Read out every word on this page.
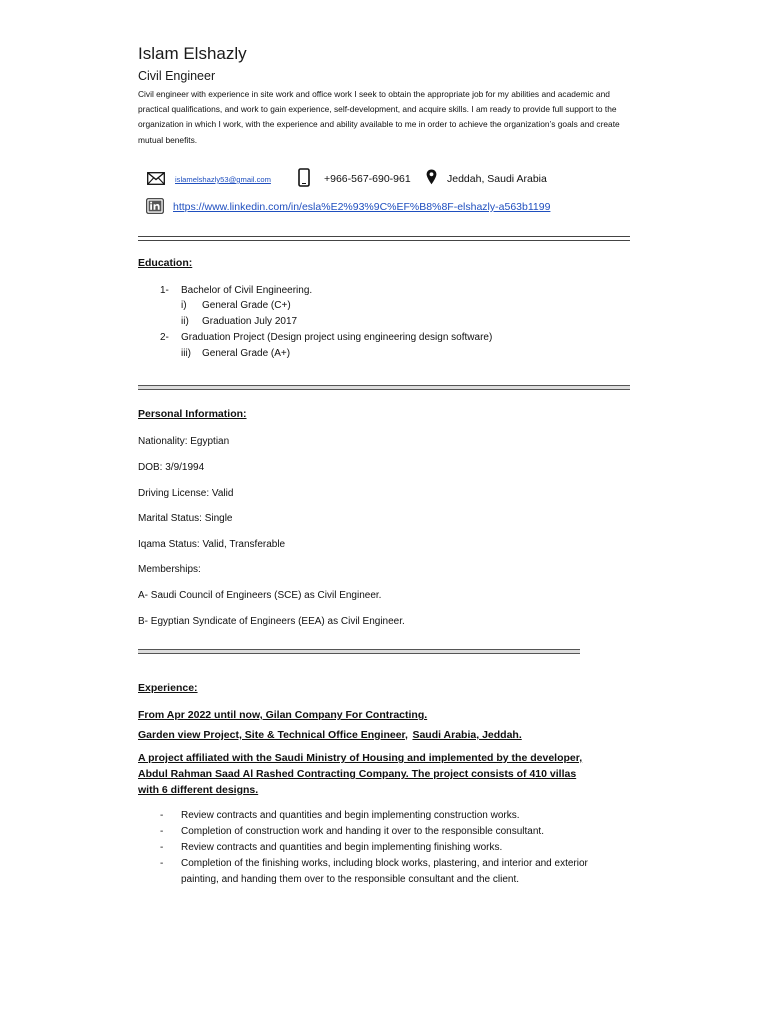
Islam Elshazly
Civil Engineer
Civil engineer with experience in site work and office work I seek to obtain the appropriate job for my abilities and academic and practical qualifications, and work to gain experience, self-development, and acquire skills. I am ready to provide full support to the organization in which I work, with the experience and ability available to me in order to achieve the organization’s goals and create mutual benefits.
islamelshazly53@gmail.com	+966-567-690-961	Jeddah, Saudi Arabia
https://www.linkedin.com/in/esla%E2%93%9C%EF%B8%8F-elshazly-a563b1199
Education:
1- Bachelor of Civil Engineering.
i) General Grade (C+)
ii) Graduation July 2017
2- Graduation Project (Design project using engineering design software)
iii) General Grade (A+)
Personal Information:
Nationality: Egyptian
DOB: 3/9/1994
Driving License: Valid
Marital Status: Single
Iqama Status: Valid, Transferable
Memberships:
A- Saudi Council of Engineers (SCE) as Civil Engineer.
B- Egyptian Syndicate of Engineers (EEA) as Civil Engineer.
Experience:
From Apr 2022 until now, Gilan Company For Contracting.
Garden view Project, Site & Technical Office Engineer, Saudi Arabia, Jeddah.
A project affiliated with the Saudi Ministry of Housing and implemented by the developer,
Abdul Rahman Saad Al Rashed Contracting Company. The project consists of 410 villas
with 6 different designs.
- Review contracts and quantities and begin implementing construction works.
- Completion of construction work and handing it over to the responsible consultant.
- Review contracts and quantities and begin implementing finishing works.
- Completion of the finishing works, including block works, plastering, and interior and exterior
painting, and handing them over to the responsible consultant and the client.
